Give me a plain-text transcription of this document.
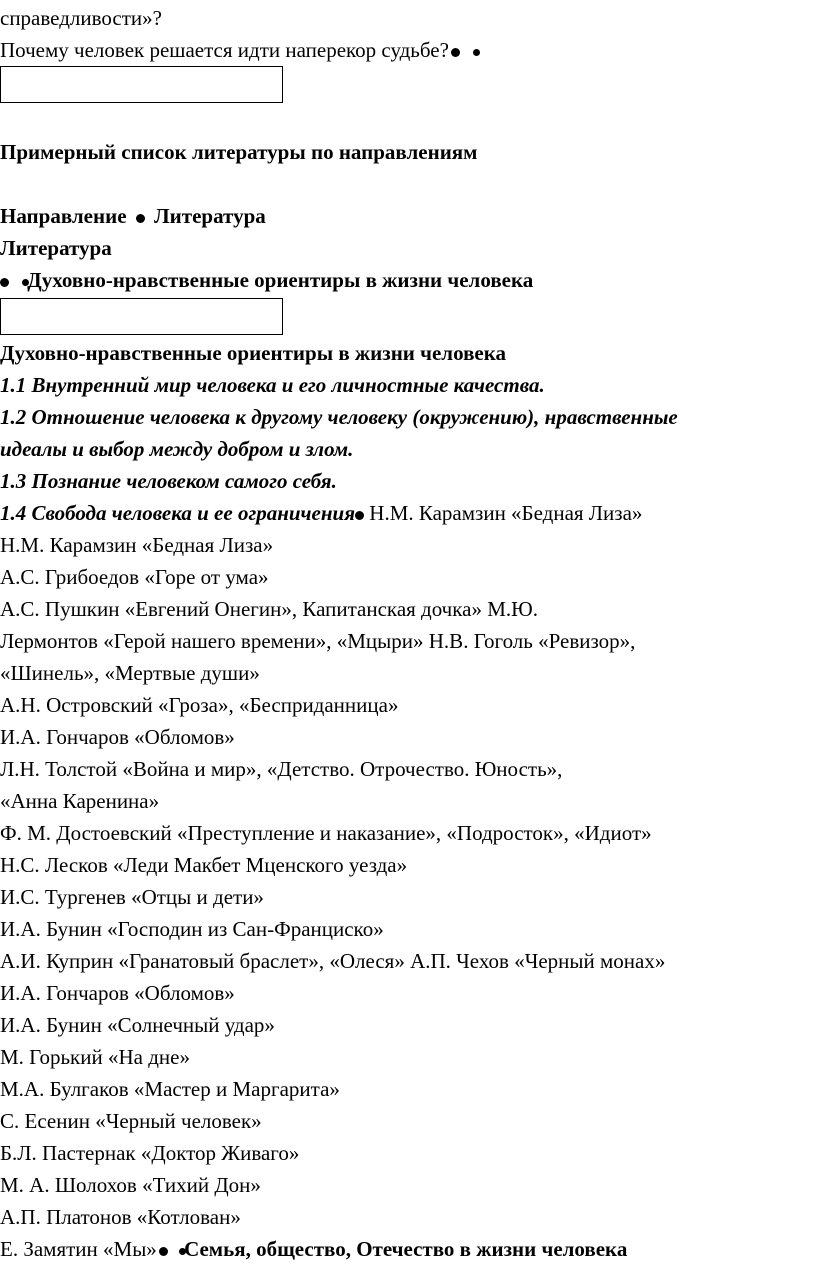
справедливости»?
Почему человек решается идти наперекор судьбе?
Примерный список литературы по направлениям
Направление Литература
Литература
Духовно-нравственные ориентиры в жизни человека
Духовно-нравственные ориентиры в жизни человека
1.1 Внутренний мир человека и его личностные качества.
1.2 Отношение человека к другому человеку (окружению), нравственные
идеалы и выбор между добром и злом.
1.3 Познание человеком самого себя.
1.4 Свобода человека и ее ограничения Н.М. Карамзин «Бедная Лиза»
Н.М. Карамзин «Бедная Лиза»
А.С. Грибоедов «Горе от ума»
А.С. Пушкин «Евгений Онегин», Капитанская дочка» М.Ю.
Лермонтов «Герой нашего времени», «Мцыри» Н.В. Гоголь «Ревизор»,
«Шинель», «Мертвые души»
А.Н. Островский «Гроза», «Бесприданница»
И.А. Гончаров «Обломов»
Л.Н. Толстой «Война и мир», «Детство. Отрочество. Юность»,
«Анна Каренина»
Ф. М. Достоевский «Преступление и наказание», «Подросток», «Идиот»
Н.С. Лесков «Леди Макбет Мценского уезда»
И.С. Тургенев «Отцы и дети»
И.А. Бунин «Господин из Сан-Франциско»
А.И. Куприн «Гранатовый браслет», «Олеся» А.П. Чехов «Черный монах»
И.А. Гончаров «Обломов»
И.А. Бунин «Солнечный удар»
М. Горький «На дне»
М.А. Булгаков «Мастер и Маргарита»
С. Есенин «Черный человек»
Б.Л. Пастернак «Доктор Живаго»
М. А. Шолохов «Тихий Дон»
А.П. Платонов «Котлован»
Е. Замятин «Мы» Семья, общество, Отечество в жизни человека
